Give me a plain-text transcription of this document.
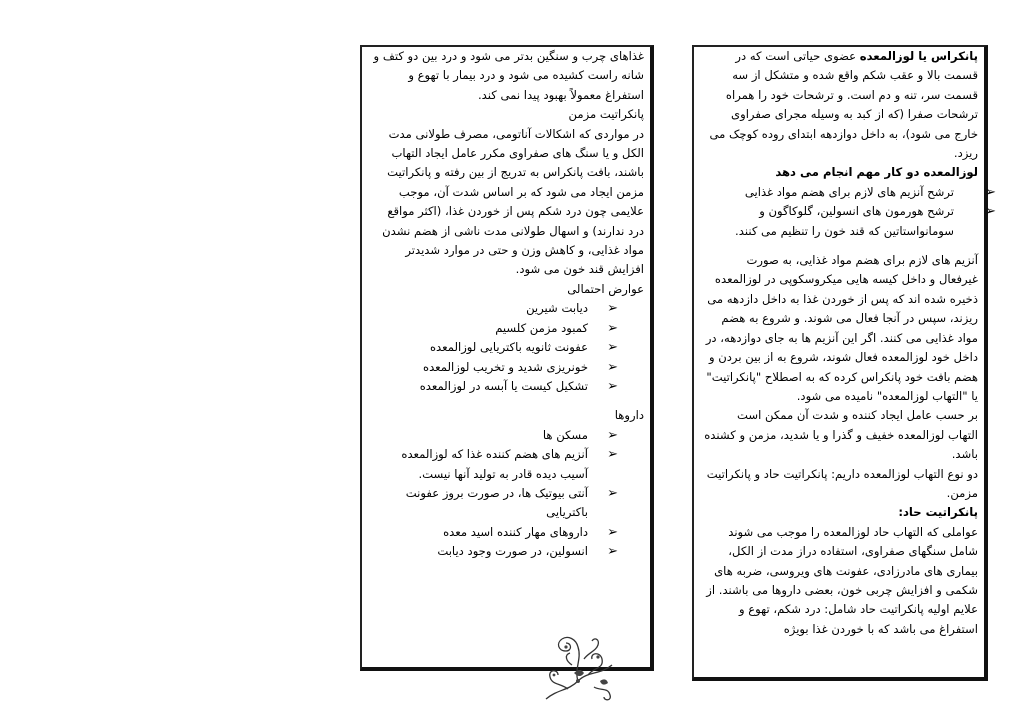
پانکراس یا لوزالمعده عضوی حیاتی است که در قسمت بالا و عقب شکم واقع شده و متشکل از سه قسمت سر، تنه و دم است. و ترشحات خود را همراه ترشحات صفرا (که از کبد به وسیله مجرای صفراوی خارج می شود)، به داخل دوازدهه ابتدای روده کوچک می ریزد.

لوزالمعده دو کار مهم انجام می دهد

➢
ترشح آنزیم های لازم برای هضم مواد غذایی
➢
ترشح هورمون های انسولین، گلوکاگون و سومانواستاتین که قند خون را تنظیم می کنند.

آنزیم های لازم برای هضم مواد غذایی، به صورت غیرفعال و داخل کیسه هایی میکروسکوپی در لوزالمعده ذخیره شده اند که پس از خوردن غذا به داخل دازدهه می ریزند، سپس در آنجا فعال می شوند. و شروع به هضم مواد غذایی می کنند. اگر این آنزیم ها به جای دوازدهه، در داخل خود لوزالمعده فعال شوند، شروع به از بین بردن و هضم بافت خود پانکراس کرده که به اصطلاح "پانکراتیت" یا "التهاب لوزالمعده" نامیده می شود.

بر حسب عامل ایجاد کننده و شدت آن ممکن است التهاب لوزالمعده خفیف و گذرا و یا شدید، مزمن و کشنده باشد.

دو نوع التهاب لوزالمعده داریم: پانکراتیت حاد و پانکراتیت مزمن.

پانکراتیت حاد:

عواملی که التهاب حاد لوزالمعده را موجب می شوند شامل سنگهای صفراوی، استفاده دراز مدت از الکل، بیماری های مادرزادی، عفونت های ویروسی، ضربه های شکمی و افزایش چربی خون، بعضی داروها می باشند. از علایم اولیه پانکراتیت حاد شامل: درد شکم، تهوع و استفراغ می باشد که با خوردن غذا بویژه

غذاهای چرب و سنگین بدتر می شود و درد بین دو کتف و شانه راست کشیده می شود و درد بیمار با تهوع و استفراغ معمولاً بهبود پیدا نمی کند.

پانکراتیت مزمن

در مواردی که اشکالات آناتومی، مصرف طولانی مدت الکل و یا سنگ های صفراوی مکرر عامل ایجاد التهاب باشند، بافت پانکراس به تدریج از بین رفته و پانکراتیت مزمن ایجاد می شود که بر اساس شدت آن، موجب علایمی چون درد شکم پس از خوردن غذا، (اکثر مواقع درد ندارند) و اسهال طولانی مدت ناشی از هضم نشدن مواد غذایی، و کاهش وزن و حتی در موارد شدیدتر افزایش قند خون می شود.

عوارض احتمالی

➢
دیابت شیرین
➢
کمبود مزمن کلسیم
➢
عفونت ثانویه باکتریایی لوزالمعده
➢
خونریزی شدید و تخریب لوزالمعده
➢
تشکیل کیست یا آبسه در لوزالمعده

داروها

➢
مسکن ها
➢
آنزیم های هضم کننده غذا که لوزالمعده آسیب دیده قادر به تولید آنها نیست.
➢
آنتی بیوتیک ها، در صورت بروز عفونت باکتریایی
➢
داروهای مهار کننده اسید معده
➢
انسولین، در صورت وجود دیابت
